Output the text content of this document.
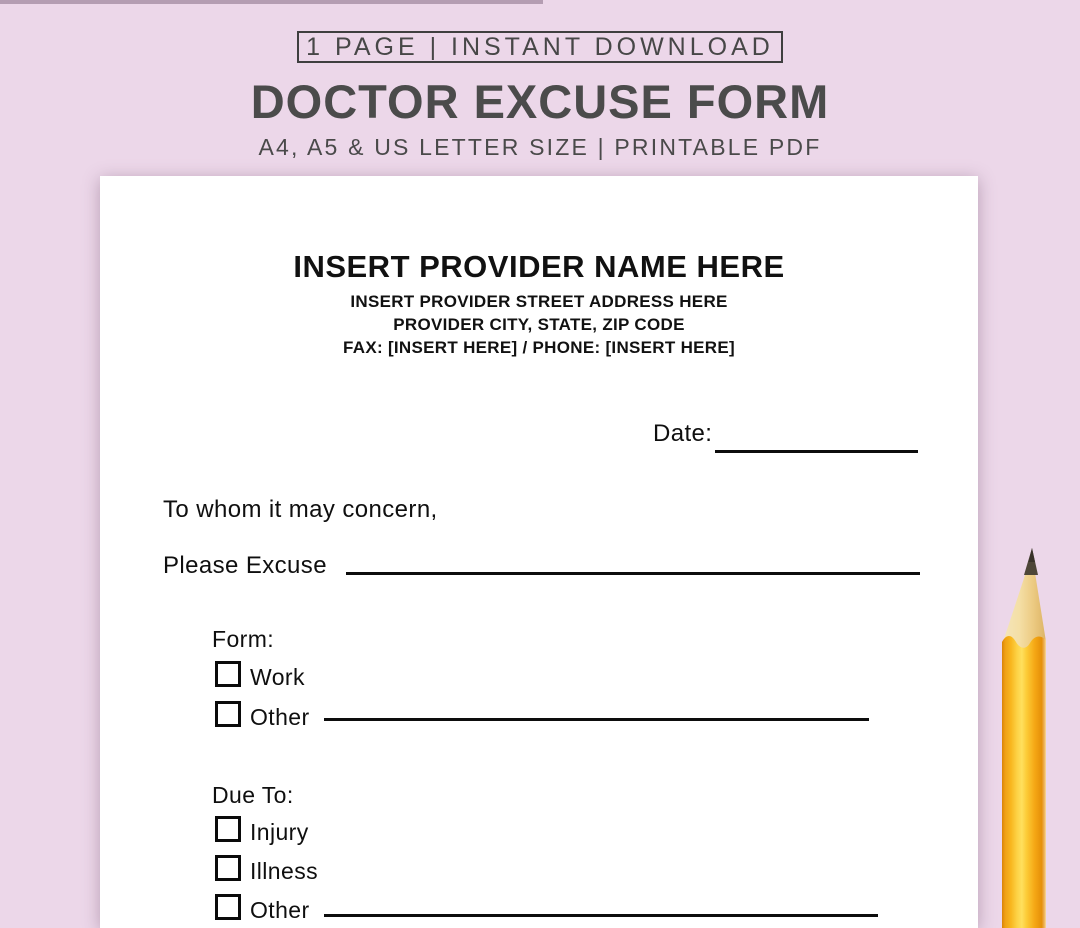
1 PAGE | INSTANT DOWNLOAD
DOCTOR EXCUSE FORM
A4, A5 & US LETTER SIZE | PRINTABLE PDF
INSERT PROVIDER NAME HERE
INSERT PROVIDER STREET ADDRESS HERE
PROVIDER CITY, STATE, ZIP CODE
FAX: [INSERT HERE] / PHONE: [INSERT HERE]
Date:
To whom it may concern,
Please Excuse
Form:
Work
Other
Due To:
Injury
Illness
Other
